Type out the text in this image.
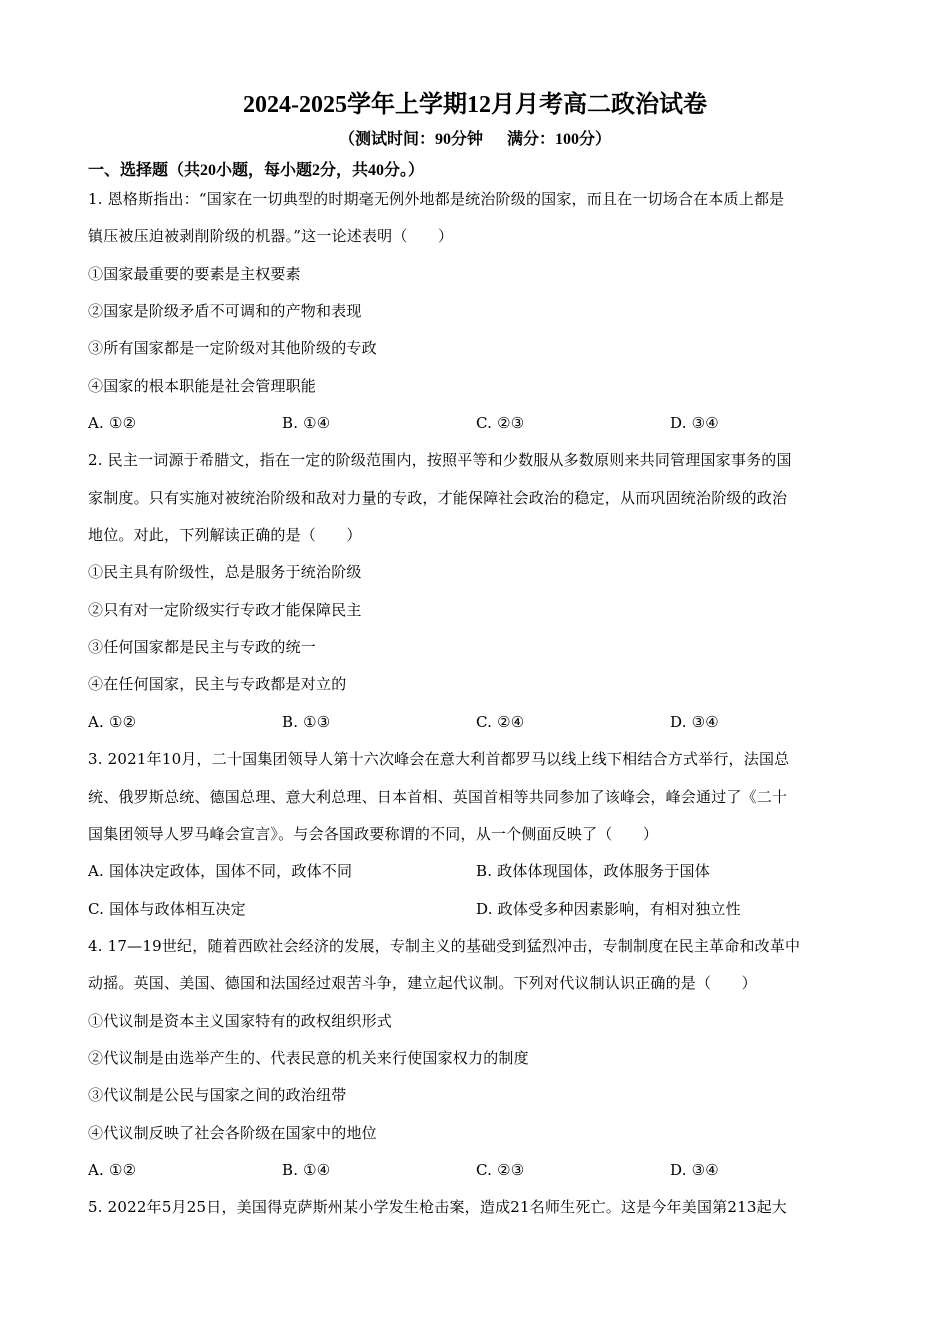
2024-2025学年上学期12月月考高二政治试卷
（测试时间：90分钟      满分：100分）
一、选择题（共20小题，每小题2分，共40分。）
1. 恩格斯指出：“国家在一切典型的时期毫无例外地都是统治阶级的国家，而且在一切场合在本质上都是
镇压被压迫被剥削阶级的机器。”这一论述表明（　　）
①国家最重要的要素是主权要素
②国家是阶级矛盾不可调和的产物和表现
③所有国家都是一定阶级对其他阶级的专政
④国家的根本职能是社会管理职能
A. ①②	B. ①④	C. ②③	D. ③④
2. 民主一词源于希腊文，指在一定的阶级范围内，按照平等和少数服从多数原则来共同管理国家事务的国
家制度。只有实施对被统治阶级和敌对力量的专政，才能保障社会政治的稳定，从而巩固统治阶级的政治
地位。对此，下列解读正确的是（　　）
①民主具有阶级性，总是服务于统治阶级
②只有对一定阶级实行专政才能保障民主
③任何国家都是民主与专政的统一
④在任何国家，民主与专政都是对立的
A. ①②	B. ①③	C. ②④	D. ③④
3. 2021年10月，二十国集团领导人第十六次峰会在意大利首都罗马以线上线下相结合方式举行，法国总
统、俄罗斯总统、德国总理、意大利总理、日本首相、英国首相等共同参加了该峰会，峰会通过了《二十
国集团领导人罗马峰会宣言》。与会各国政要称谓的不同，从一个侧面反映了（　　）
A. 国体决定政体，国体不同，政体不同	B. 政体体现国体，政体服务于国体
C. 国体与政体相互决定	D. 政体受多种因素影响，有相对独立性
4. 17—19世纪，随着西欧社会经济的发展，专制主义的基础受到猛烈冲击，专制制度在民主革命和改革中
动摇。英国、美国、德国和法国经过艰苦斗争，建立起代议制。下列对代议制认识正确的是（　　）
①代议制是资本主义国家特有的政权组织形式
②代议制是由选举产生的、代表民意的机关来行使国家权力的制度
③代议制是公民与国家之间的政治纽带
④代议制反映了社会各阶级在国家中的地位
A. ①②	B. ①④	C. ②③	D. ③④
5. 2022年5月25日，美国得克萨斯州某小学发生枪击案，造成21名师生死亡。这是今年美国第213起大
